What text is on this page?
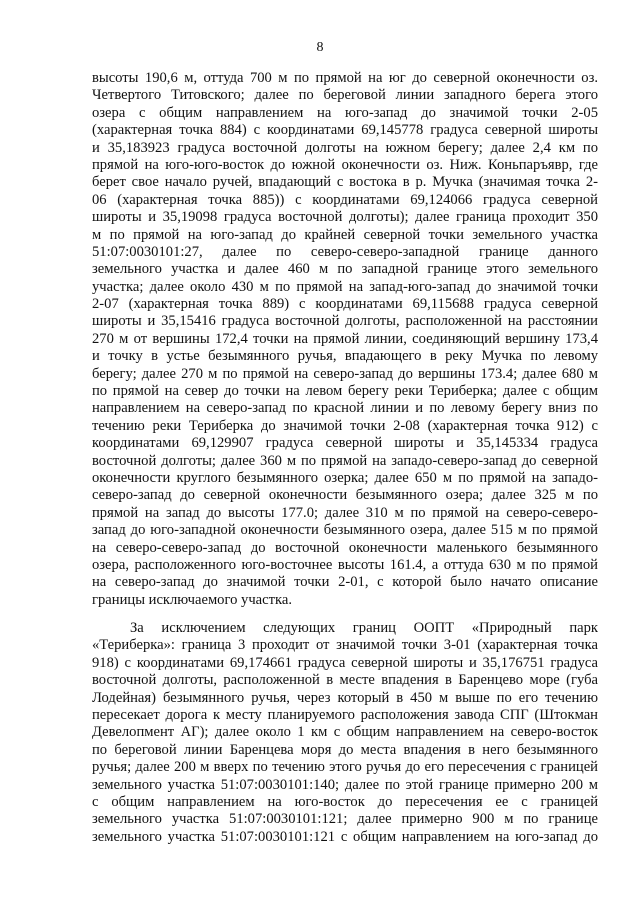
8
высоты 190,6 м, оттуда 700 м по прямой на юг до северной оконечности оз.
Четвертого Титовского; далее по береговой линии западного берега этого
озера с общим направлением на юго-запад до значимой точки 2-05
(характерная точка 884) с координатами 69,145778 градуса северной широты
и 35,183923 градуса восточной долготы на южном берегу; далее 2,4 км по
прямой на юго-юго-восток до южной оконечности оз. Ниж. Коньпаръявр, где
берет свое начало ручей, впадающий с востока в р. Мучка (значимая точка 2-
06 (характерная точка 885)) с координатами 69,124066 градуса северной
широты и 35,19098 градуса восточной долготы); далее граница проходит 350
м по прямой на юго-запад до крайней северной точки земельного участка
51:07:0030101:27, далее по северо-северо-западной границе данного
земельного участка и далее 460 м по западной границе этого земельного
участка; далее около 430 м по прямой на запад-юго-запад до значимой точки
2-07 (характерная точка 889) с координатами 69,115688 градуса северной
широты и 35,15416 градуса восточной долготы, расположенной на расстоянии
270 м от вершины 172,4 точки на прямой линии, соединяющий вершину 173,4
и точку в устье безымянного ручья, впадающего в реку Мучка по левому
берегу; далее 270 м по прямой на северо-запад до вершины 173.4; далее 680 м
по прямой на север до точки на левом берегу реки Териберка; далее с общим
направлением на северо-запад по красной линии и по левому берегу вниз по
течению реки Териберка до значимой точки 2-08 (характерная точка 912) с
координатами 69,129907 градуса северной широты и 35,145334 градуса
восточной долготы; далее 360 м по прямой на западо-северо-запад до северной
оконечности круглого безымянного озерка; далее 650 м по прямой на западо-
северо-запад до северной оконечности безымянного озера; далее 325 м по
прямой на запад до высоты 177.0; далее 310 м по прямой на северо-северо-
запад до юго-западной оконечности безымянного озера, далее 515 м по прямой
на северо-северо-запад до восточной оконечности маленького безымянного
озера, расположенного юго-восточнее высоты 161.4, а оттуда 630 м по прямой
на северо-запад до значимой точки 2-01, с которой было начато описание
границы исключаемого участка.
За исключением следующих границ ООПТ «Природный парк
«Териберка»: граница 3 проходит от значимой точки 3-01 (характерная точка
918) с координатами 69,174661 градуса северной широты и 35,176751 градуса
восточной долготы, расположенной в месте впадения в Баренцево море (губа
Лодейная) безымянного ручья, через который в 450 м выше по его течению
пересекает дорога к месту планируемого расположения завода СПГ (Штокман
Девелопмент АГ); далее около 1 км с общим направлением на северо-восток
по береговой линии Баренцева моря до места впадения в него безымянного
ручья; далее 200 м вверх по течению этого ручья до его пересечения с границей
земельного участка 51:07:0030101:140; далее по этой границе примерно 200 м
с общим направлением на юго-восток до пересечения ее с границей
земельного участка 51:07:0030101:121; далее примерно 900 м по границе
земельного участка 51:07:0030101:121 с общим направлением на юго-запад до
